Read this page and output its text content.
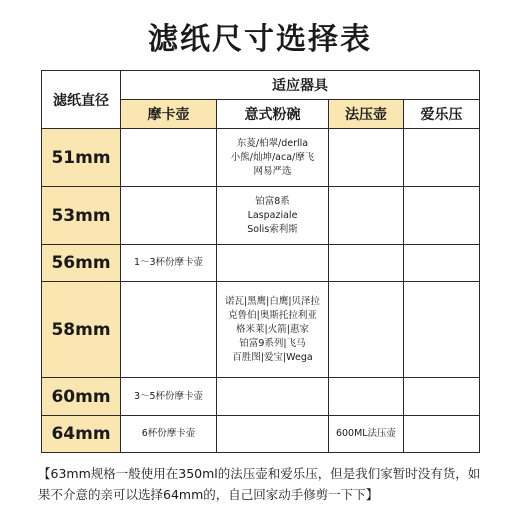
滤纸尺寸选择表
滤纸直径	适应器具			
	摩卡壶	意式粉碗	法压壶	爱乐压
51mm		东菱/柏翠/derlla
小熊/灿坤/aca/摩飞
网易严选		

53mm		铂富8系
Laspaziale
Solis索利斯		

56mm	1～3杯份摩卡壶			
58mm		诺瓦|黑鹰|白鹰|贝泽拉
克鲁伯|奥斯托拉利亚
格米莱|火箭|惠家
铂富9系列|飞马
百胜图|爱宝|Wega		

60mm	3～5杯份摩卡壶			
64mm	6杯份摩卡壶		600ML法压壶	
【63mm规格一般使用在350ml的法压壶和爱乐压，但是我们家暂时没有货，如果不介意的亲可以选择64mm的，自己回家动手修剪一下下】
